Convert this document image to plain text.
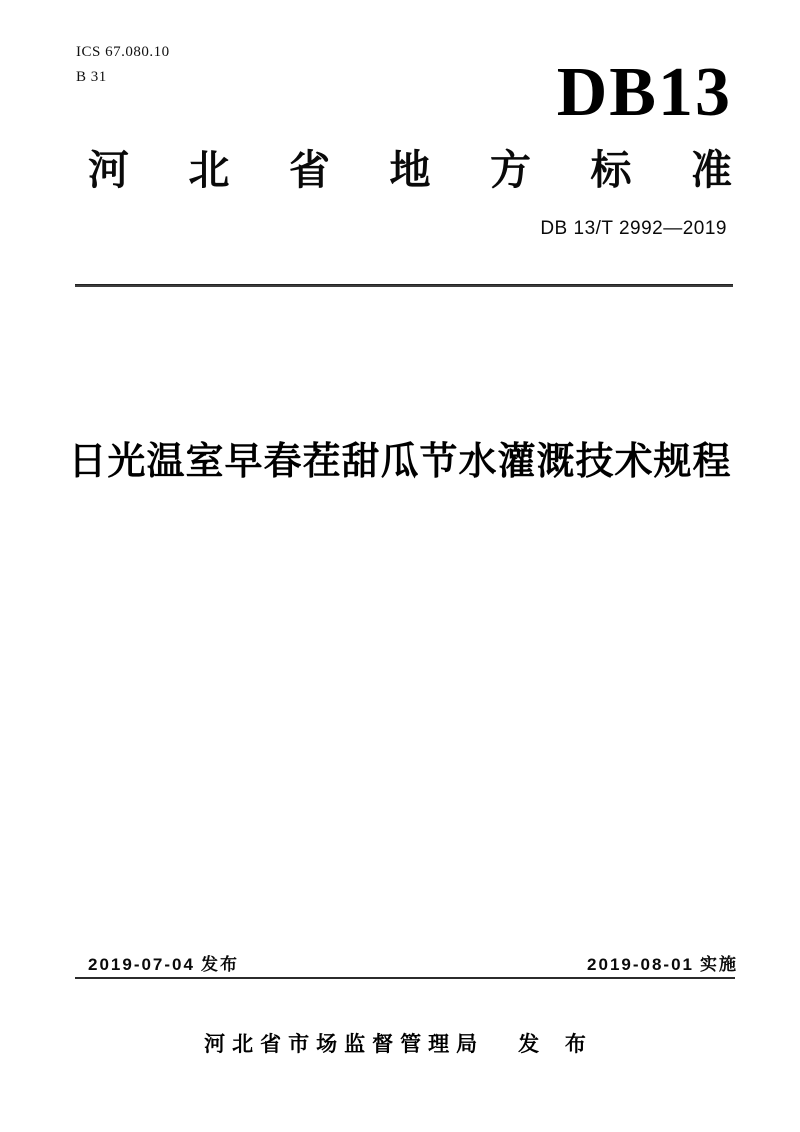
ICS 67.080.10
B 31	DB13
河 北 省 地 方 标 准
DB 13/T 2992—2019
日光温室早春茬甜瓜节水灌溉技术规程
2019-07-04 发布	2019-08-01 实施
河北省市场监督管理局 发 布
